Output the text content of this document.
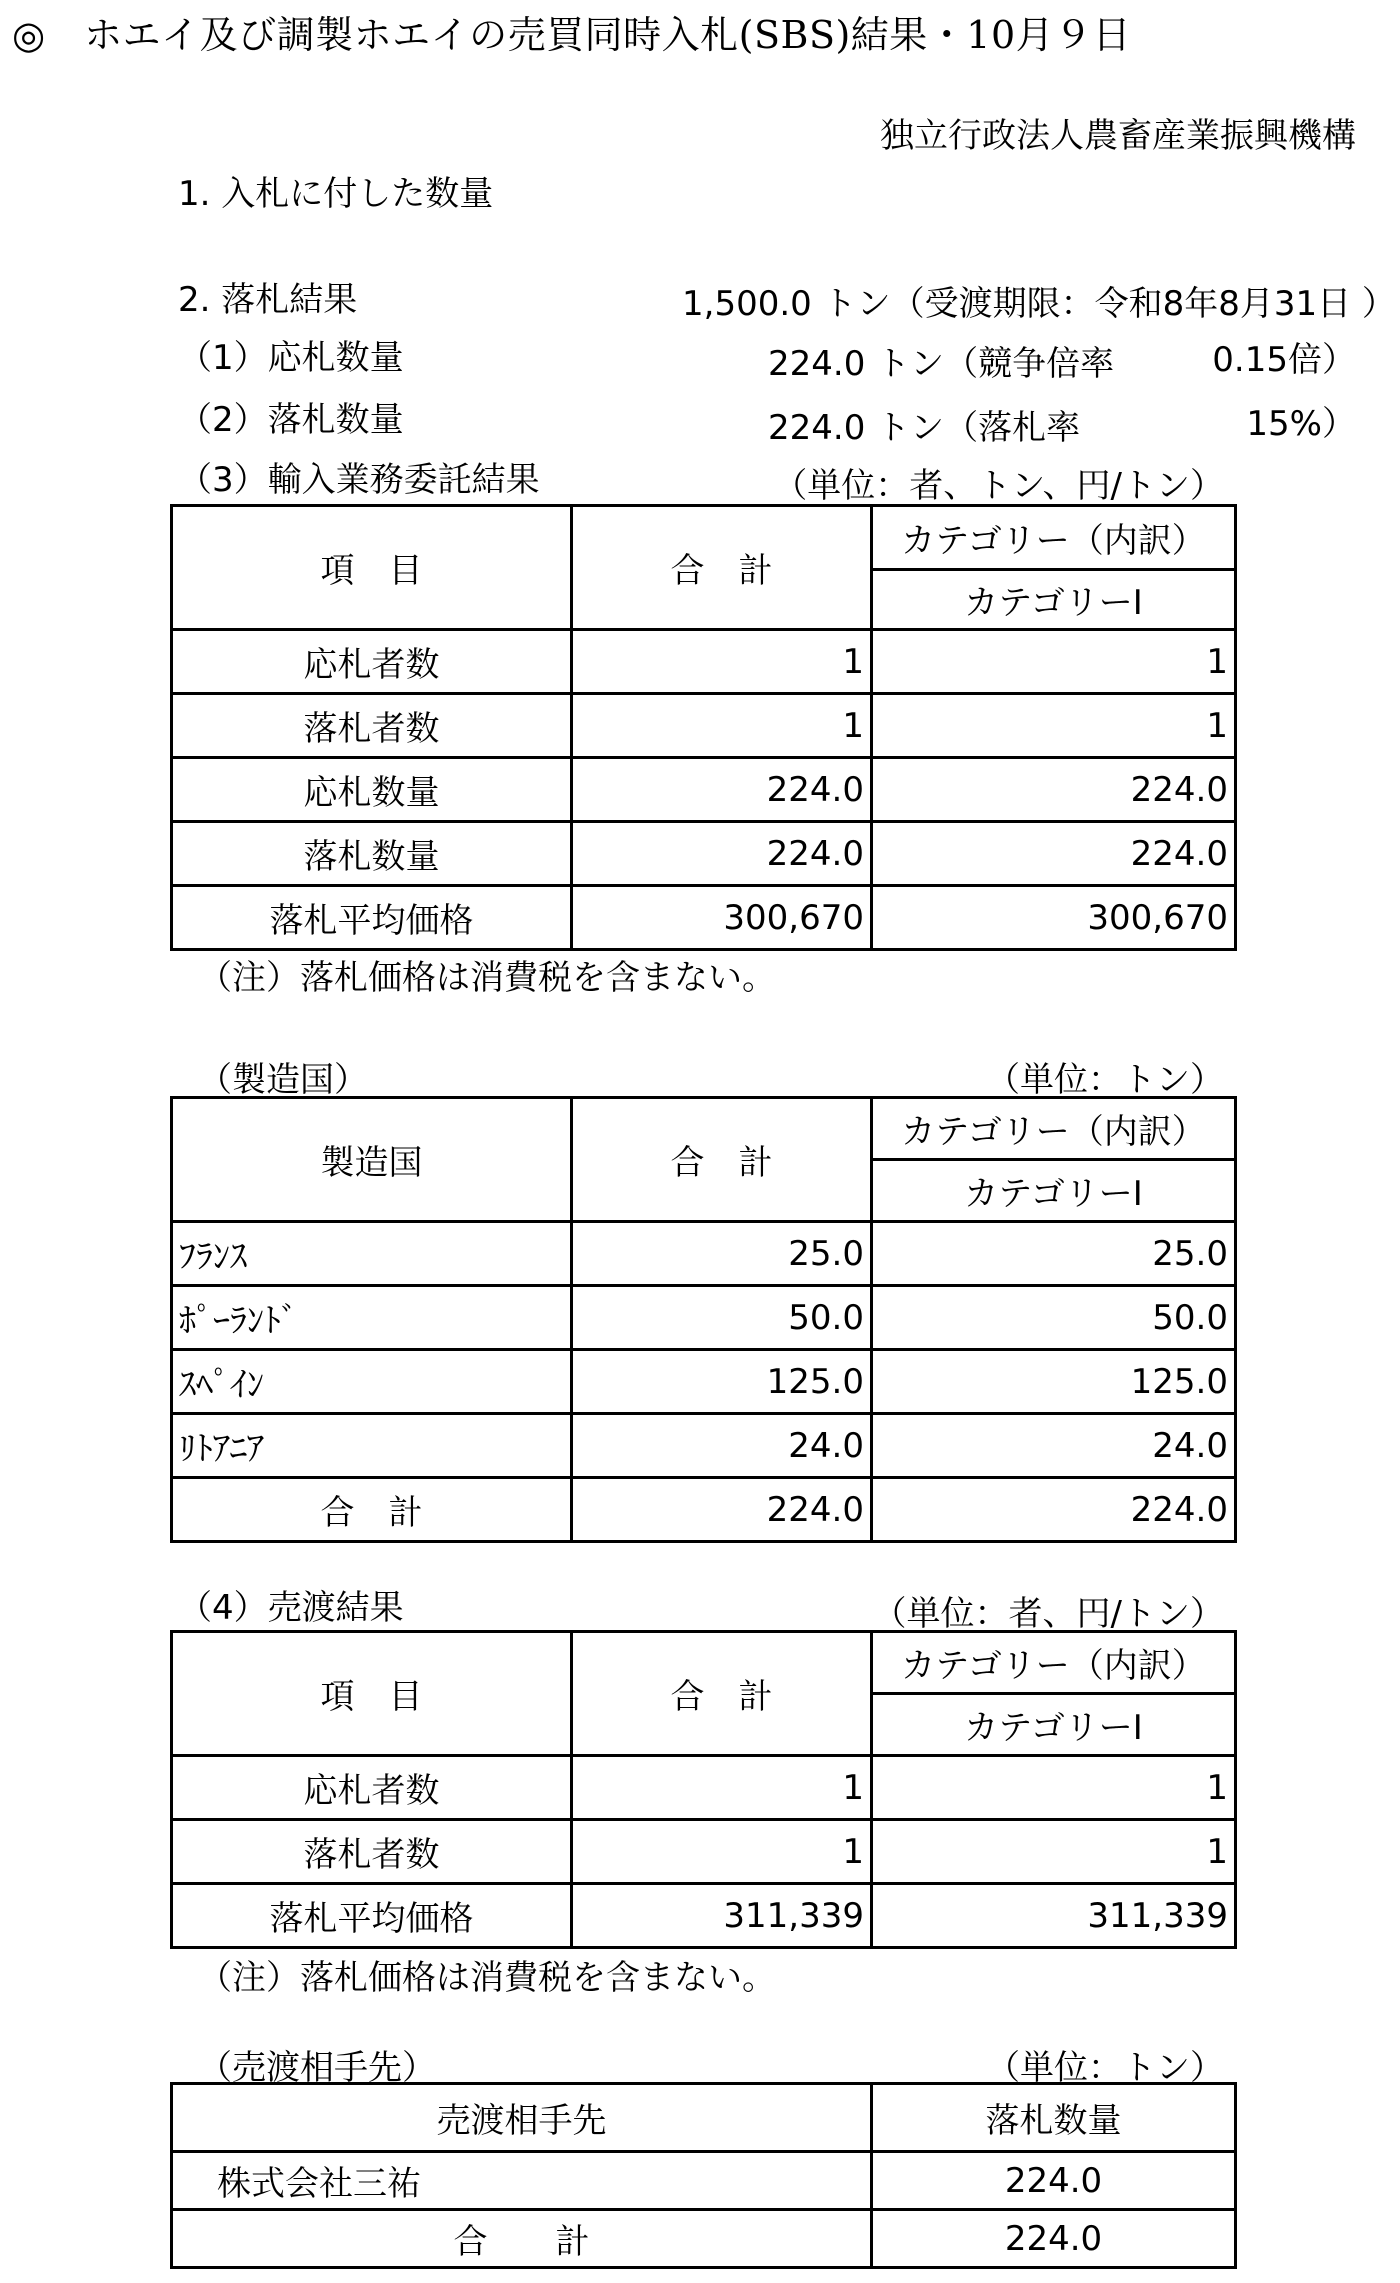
◎　ホエイ及び調製ホエイの売買同時入札(SBS)結果・10月９日
独立行政法人農畜産業振興機構
1. 入札に付した数量
1,500.0 トン（受渡期限：令和8年8月31日 ）
2. 落札結果
（1）応札数量	224.0 トン（競争倍率	0.15倍）
（2）落札数量	224.0 トン（落札率	15%）
（3）輸入業務委託結果	（単位：者、トン、円/トン）
項　目	合　計	カテゴリー（内訳）
		カテゴリーⅠ
応札者数	1	1
落札者数	1	1
応札数量	224.0	224.0
落札数量	224.0	224.0
落札平均価格	300,670	300,670
（注）落札価格は消費税を含まない。
（製造国）	（単位：トン）
製造国	合　計	カテゴリー（内訳）
		カテゴリーⅠ
ﾌﾗﾝｽ	25.0	25.0
ﾎﾟｰﾗﾝﾄﾞ	50.0	50.0
ｽﾍﾟｲﾝ	125.0	125.0
ﾘﾄｱﾆｱ	24.0	24.0
合　計	224.0	224.0
（4）売渡結果	（単位：者、円/トン）
項　目	合　計	カテゴリー（内訳）
		カテゴリーⅠ
応札者数	1	1
落札者数	1	1
落札平均価格	311,339	311,339
（注）落札価格は消費税を含まない。
（売渡相手先）	（単位：トン）
売渡相手先	落札数量
株式会社三祐	224.0
合　　計	224.0
